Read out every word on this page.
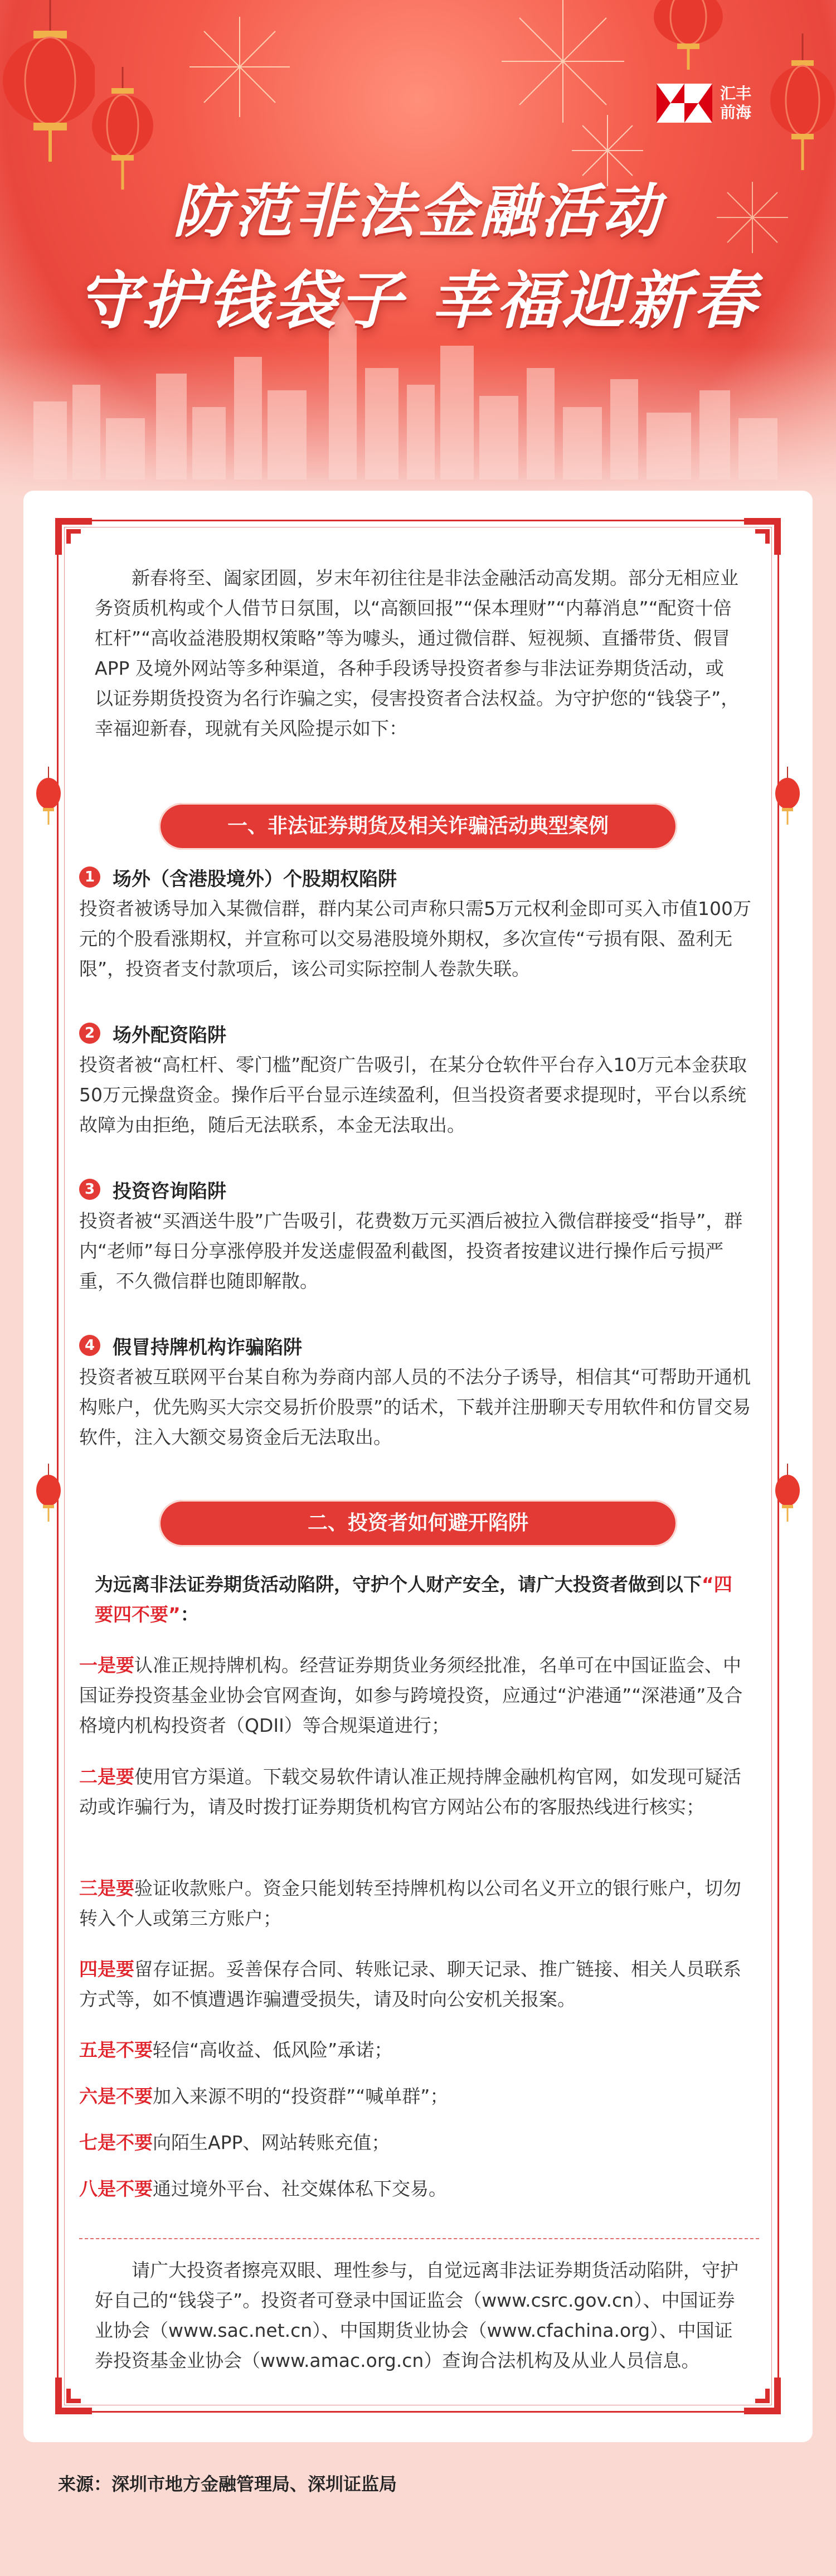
汇丰
前海
防范非法金融活动
守护钱袋子 幸福迎新春
新春将至、阖家团圆，岁末年初往往是非法金融活动高发期。部分无相应业务资质机构或个人借节日氛围，以“高额回报”“保本理财”“内幕消息”“配资十倍杠杆”“高收益港股期权策略”等为噱头，通过微信群、短视频、直播带货、假冒APP 及境外网站等多种渠道，各种手段诱导投资者参与非法证券期货活动，或以证券期货投资为名行诈骗之实，侵害投资者合法权益。为守护您的“钱袋子”，幸福迎新春，现就有关风险提示如下：
一、非法证券期货及相关诈骗活动典型案例
1 场外（含港股境外）个股期权陷阱
投资者被诱导加入某微信群，群内某公司声称只需5万元权利金即可买入市值100万元的个股看涨期权，并宣称可以交易港股境外期权，多次宣传“亏损有限、盈利无限”，投资者支付款项后，该公司实际控制人卷款失联。
2 场外配资陷阱
投资者被“高杠杆、零门槛”配资广告吸引，在某分仓软件平台存入10万元本金获取50万元操盘资金。操作后平台显示连续盈利，但当投资者要求提现时，平台以系统故障为由拒绝，随后无法联系，本金无法取出。
3 投资咨询陷阱
投资者被“买酒送牛股”广告吸引，花费数万元买酒后被拉入微信群接受“指导”，群内“老师”每日分享涨停股并发送虚假盈利截图，投资者按建议进行操作后亏损严重，不久微信群也随即解散。
4 假冒持牌机构诈骗陷阱
投资者被互联网平台某自称为券商内部人员的不法分子诱导，相信其“可帮助开通机构账户，优先购买大宗交易折价股票”的话术，下载并注册聊天专用软件和仿冒交易软件，注入大额交易资金后无法取出。
二、投资者如何避开陷阱
为远离非法证券期货活动陷阱，守护个人财产安全，请广大投资者做到以下“四要四不要”：
一是要认准正规持牌机构。经营证券期货业务须经批准，名单可在中国证监会、中国证券投资基金业协会官网查询，如参与跨境投资，应通过“沪港通”“深港通”及合格境内机构投资者（QDII）等合规渠道进行；
二是要使用官方渠道。下载交易软件请认准正规持牌金融机构官网，如发现可疑活动或诈骗行为，请及时拨打证券期货机构官方网站公布的客服热线进行核实；
三是要验证收款账户。资金只能划转至持牌机构以公司名义开立的银行账户，切勿转入个人或第三方账户；
四是要留存证据。妥善保存合同、转账记录、聊天记录、推广链接、相关人员联系方式等，如不慎遭遇诈骗遭受损失，请及时向公安机关报案。
五是不要轻信“高收益、低风险”承诺；
六是不要加入来源不明的“投资群”“喊单群”；
七是不要向陌生APP、网站转账充值；
八是不要通过境外平台、社交媒体私下交易。
请广大投资者擦亮双眼、理性参与，自觉远离非法证券期货活动陷阱，守护好自己的“钱袋子”。投资者可登录中国证监会（www.csrc.gov.cn）、中国证券业协会（www.sac.net.cn）、中国期货业协会（www.cfachina.org）、中国证券投资基金业协会（www.amac.org.cn）查询合法机构及从业人员信息。
来源：深圳市地方金融管理局、深圳证监局
